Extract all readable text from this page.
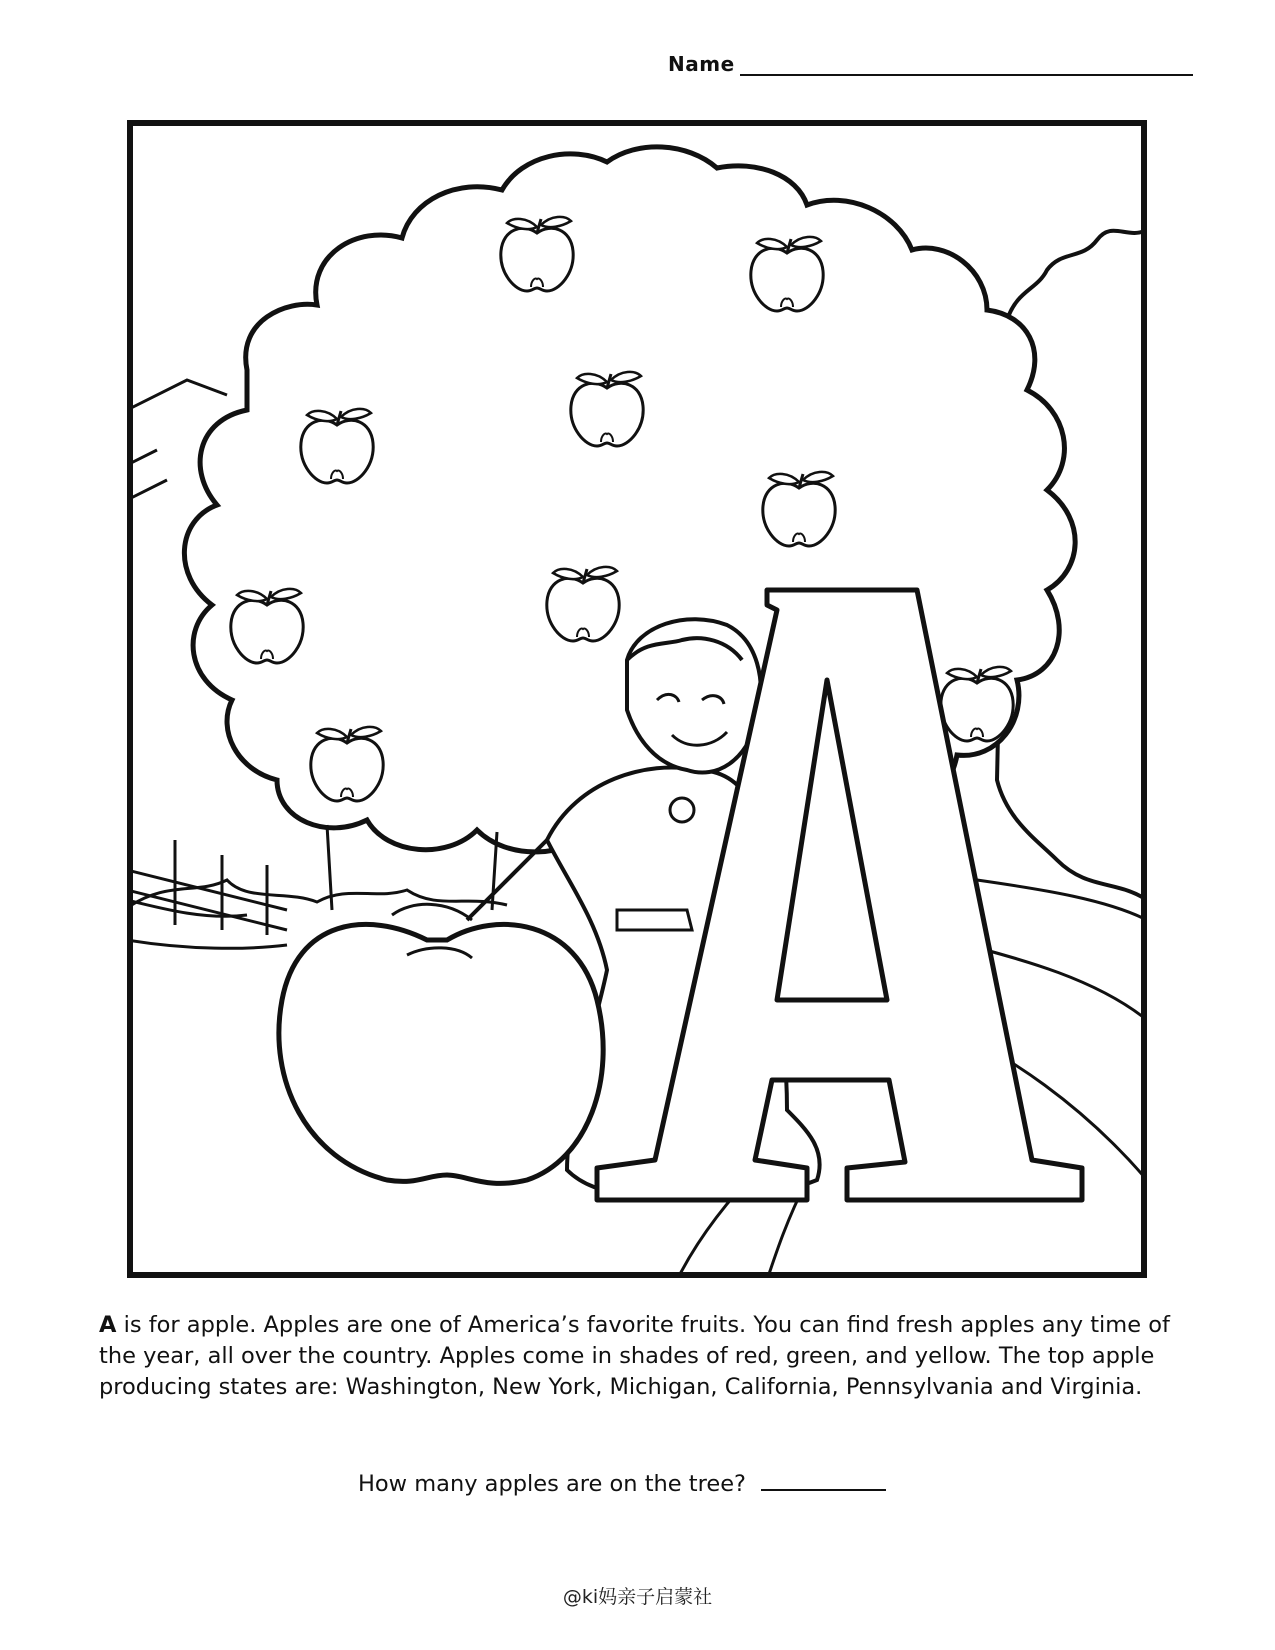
Name
A is for apple. Apples are one of America’s favorite fruits. You can find fresh apples any time of the year, all over the country. Apples come in shades of red, green, and yellow. The top apple producing states are: Washington, New York, Michigan, California, Pennsylvania and Virginia.
How many apples are on the tree?
@ki妈亲子启蒙社
